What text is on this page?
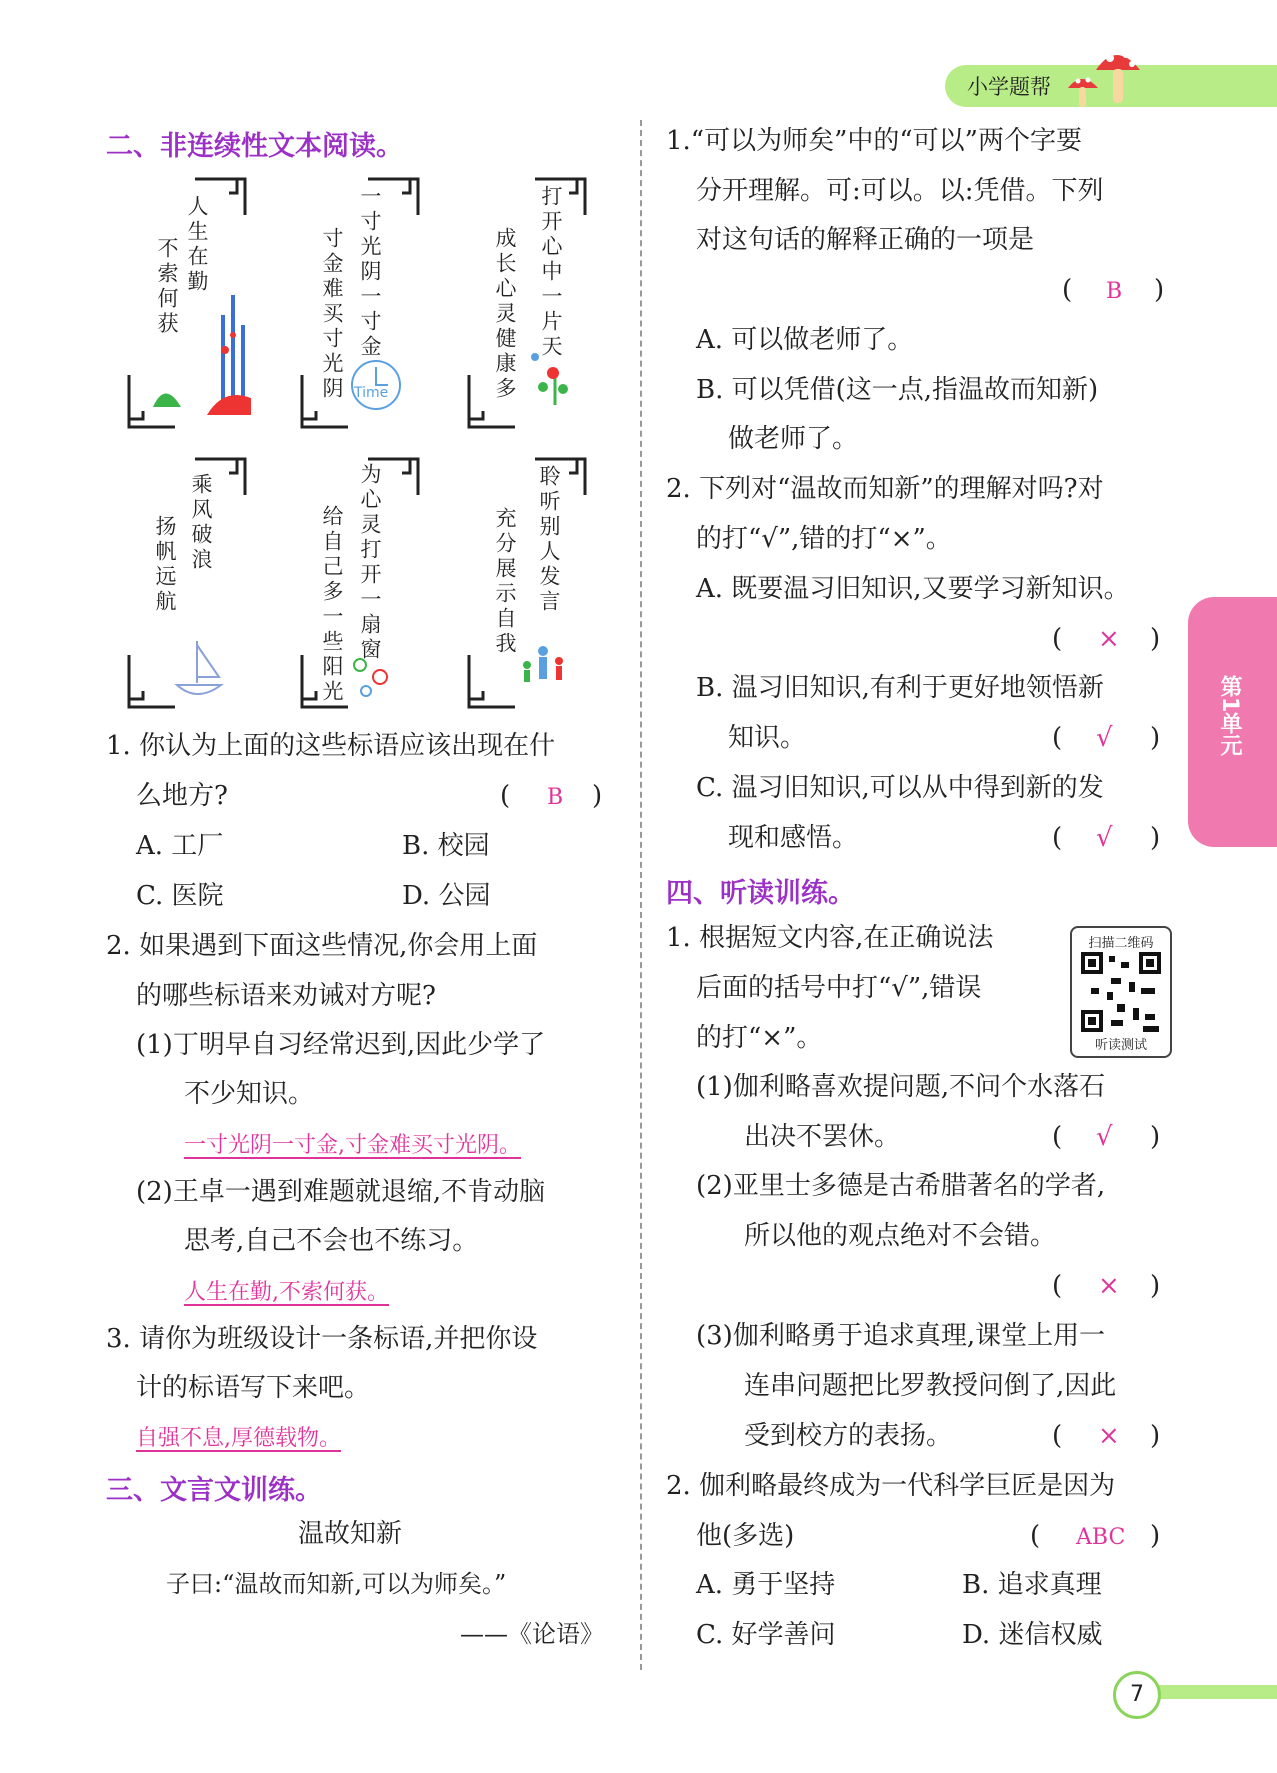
小学题帮
第1单元
二、非连续性文本阅读。
人生在勤
不索何获
Time
一寸光阴一寸金
寸金难买寸光阴	打开心中一片天
成长心灵健康多
乘风破浪
扬帆远航	为心灵打开一扇窗
给自己多一些阳光	聆听别人发言
充分展示自我
1. 你认为上面的这些标语应该出现在什
么地方?	( B )
A. 工厂	B. 校园
C. 医院	D. 公园
2. 如果遇到下面这些情况,你会用上面
的哪些标语来劝诫对方呢?
(1)丁明早自习经常迟到,因此少学了
不少知识。
一寸光阴一寸金,寸金难买寸光阴。
(2)王卓一遇到难题就退缩,不肯动脑
思考,自己不会也不练习。
人生在勤,不索何获。
3. 请你为班级设计一条标语,并把你设
计的标语写下来吧。
自强不息,厚德载物。
三、文言文训练。
温故知新
子曰:“温故而知新,可以为师矣。”
——《论语》
1.“可以为师矣”中的“可以”两个字要
分开理解。可:可以。以:凭借。下列
对这句话的解释正确的一项是
( B )
A. 可以做老师了。
B. 可以凭借(这一点,指温故而知新)
做老师了。
2. 下列对“温故而知新”的理解对吗?对
的打“√”,错的打“×”。
A. 既要温习旧知识,又要学习新知识。
( × )
B. 温习旧知识,有利于更好地领悟新
知识。	( √ )
C. 温习旧知识,可以从中得到新的发
现和感悟。	( √ )
四、听读训练。
1. 根据短文内容,在正确说法
后面的括号中打“√”,错误
的打“×”。
扫描二维码
听读测试
(1)伽利略喜欢提问题,不问个水落石
出决不罢休。	( √ )
(2)亚里士多德是古希腊著名的学者,
所以他的观点绝对不会错。
( × )
(3)伽利略勇于追求真理,课堂上用一
连串问题把比罗教授问倒了,因此
受到校方的表扬。	( × )
2. 伽利略最终成为一代科学巨匠是因为
他(多选)	( ABC )
A. 勇于坚持	B. 追求真理
C. 好学善问	D. 迷信权威
7
